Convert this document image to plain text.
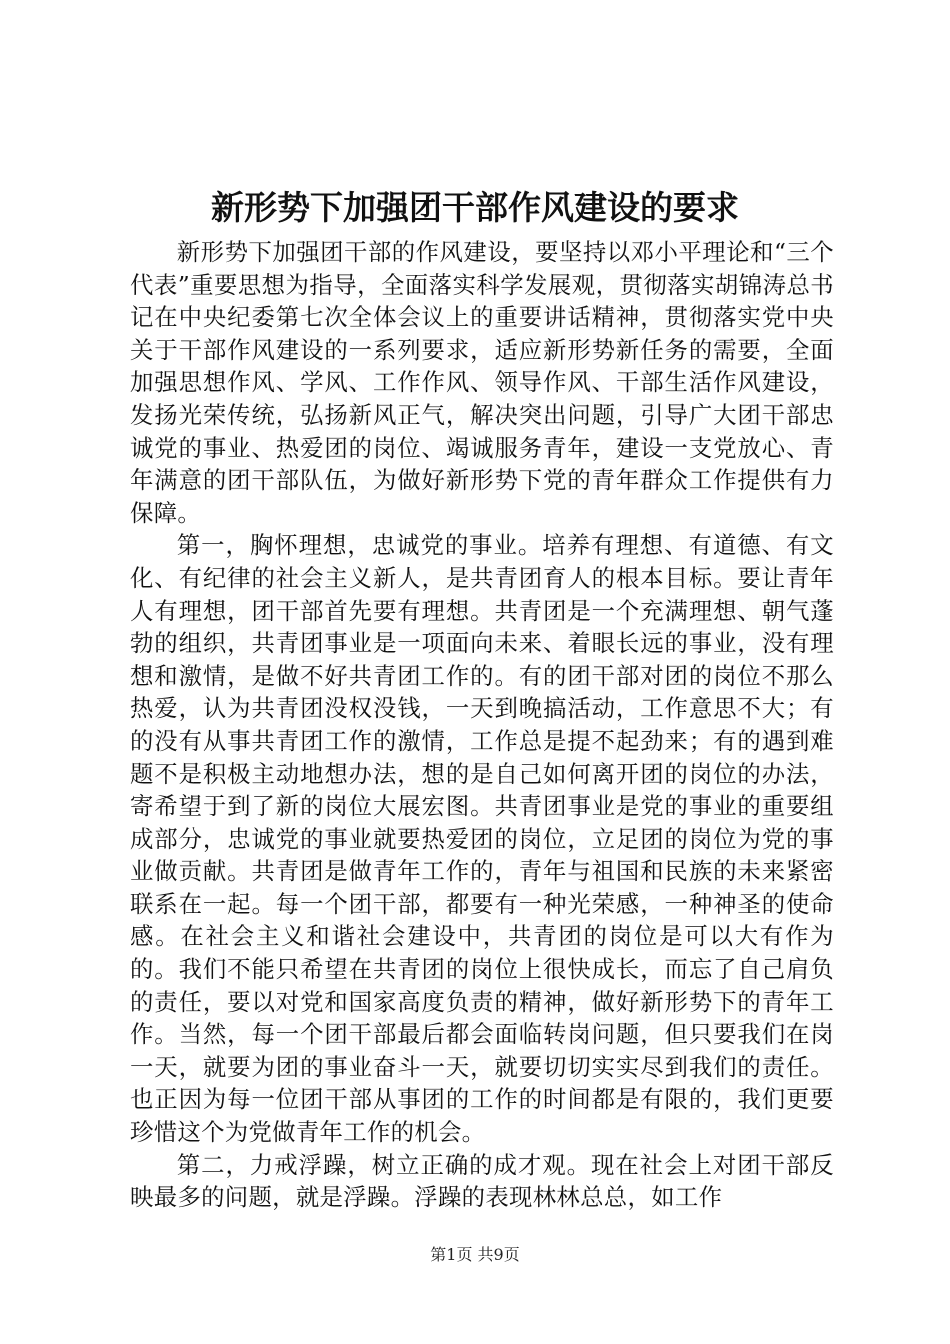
新形势下加强团干部作风建设的要求

新形势下加强团干部的作风建设，要坚持以邓小平理论和“三个代表”重要思想为指导，全面落实科学发展观，贯彻落实胡锦涛总书记在中央纪委第七次全体会议上的重要讲话精神，贯彻落实党中央关于干部作风建设的一系列要求，适应新形势新任务的需要，全面加强思想作风、学风、工作作风、领导作风、干部生活作风建设，发扬光荣传统，弘扬新风正气，解决突出问题，引导广大团干部忠诚党的事业、热爱团的岗位、竭诚服务青年，建设一支党放心、青年满意的团干部队伍，为做好新形势下党的青年群众工作提供有力保障。

第一，胸怀理想，忠诚党的事业。培养有理想、有道德、有文化、有纪律的社会主义新人，是共青团育人的根本目标。要让青年人有理想，团干部首先要有理想。共青团是一个充满理想、朝气蓬勃的组织，共青团事业是一项面向未来、着眼长远的事业，没有理想和激情，是做不好共青团工作的。有的团干部对团的岗位不那么热爱，认为共青团没权没钱，一天到晚搞活动，工作意思不大；有的没有从事共青团工作的激情，工作总是提不起劲来；有的遇到难题不是积极主动地想办法，想的是自己如何离开团的岗位的办法，寄希望于到了新的岗位大展宏图。共青团事业是党的事业的重要组成部分，忠诚党的事业就要热爱团的岗位，立足团的岗位为党的事业做贡献。共青团是做青年工作的，青年与祖国和民族的未来紧密联系在一起。每一个团干部，都要有一种光荣感，一种神圣的使命感。在社会主义和谐社会建设中，共青团的岗位是可以大有作为的。我们不能只希望在共青团的岗位上很快成长，而忘了自己肩负的责任，要以对党和国家高度负责的精神，做好新形势下的青年工作。当然，每一个团干部最后都会面临转岗问题，但只要我们在岗一天，就要为团的事业奋斗一天，就要切切实实尽到我们的责任。也正因为每一位团干部从事团的工作的时间都是有限的，我们更要珍惜这个为党做青年工作的机会。

第二，力戒浮躁，树立正确的成才观。现在社会上对团干部反映最多的问题，就是浮躁。浮躁的表现林林总总，如工作

第1页 共9页
